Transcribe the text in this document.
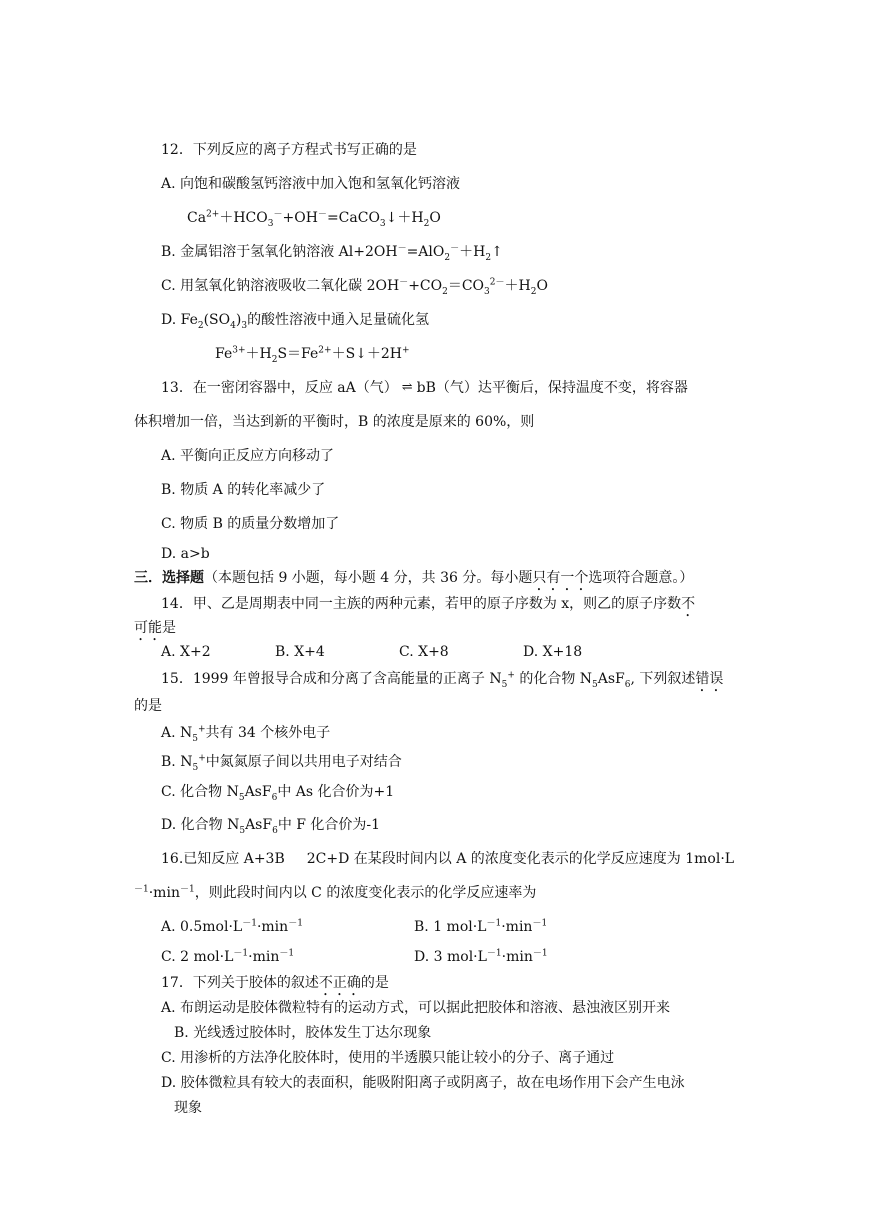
12．下列反应的离子方程式书写正确的是
A. 向饱和碳酸氢钙溶液中加入饱和氢氧化钙溶液
$Ca^{2+}+HCO_3^-+OH^-=CaCO_3↓+H_2O$
B. 金属铝溶于氢氧化钠溶液 $Al+2OH^-=AlO_2^-+H_2↑$
C. 用氢氧化钠溶液吸收二氧化碳 $2OH^-+CO_2=CO_3^{2-}+H_2O$
D. $Fe_2(SO_4)_3$的酸性溶液中通入足量硫化氢
$Fe^{3+}+H_2S=Fe^{2+}+S↓+2H^+$
13．在一密闭容器中，反应 aA（气） ⇌ bB（气）达平衡后，保持温度不变，将容器
体积增加一倍，当达到新的平衡时，B 的浓度是原来的 60%，则
A. 平衡向正反应方向移动了
B. 物质 A 的转化率减少了
C. 物质 B 的质量分数增加了
D. a>b
三．选择题（本题包括 9 小题，每小题 4 分，共 36 分。每小题只有一个选项符合题意。）
14．甲、乙是周期表中同一主族的两种元素，若甲的原子序数为 x，则乙的原子序数不
可能是
A. X+2	B. X+4	C. X+8	D. X+18
15．1999 年曾报导合成和分离了含高能量的正离子 $N_5^+$ 的化合物 $N_5AsF_6$, 下列叙述错误
的是
A. $N_5^+$共有 34 个核外电子
B. $N_5^+$中氮氮原子间以共用电子对结合
C. 化合物 $N_5AsF_6$中 As 化合价为+1
D. 化合物 $N_5AsF_6$中 F 化合价为-1
16.已知反应 A+3B 2C+D 在某段时间内以 A 的浓度变化表示的化学反应速度为 1mol·L
$^{-1}\cdot\min^{-1}$，则此段时间内以 C 的浓度变化表示的化学反应速率为
A. $0.5mol\cdot L^{-1}\cdot\min^{-1}$	B. 1 $mol\cdot L^{-1}\cdot\min^{-1}$
C. 2 $mol\cdot L^{-1}\cdot\min^{-1}$	D. 3 $mol\cdot L^{-1}\cdot\min^{-1}$
17．下列关于胶体的叙述不正确的是
A. 布朗运动是胶体微粒特有的运动方式，可以据此把胶体和溶液、悬浊液区别开来
B. 光线透过胶体时，胶体发生丁达尔现象
C. 用渗析的方法净化胶体时，使用的半透膜只能让较小的分子、离子通过
D. 胶体微粒具有较大的表面积，能吸附阳离子或阴离子，故在电场作用下会产生电泳
现象
